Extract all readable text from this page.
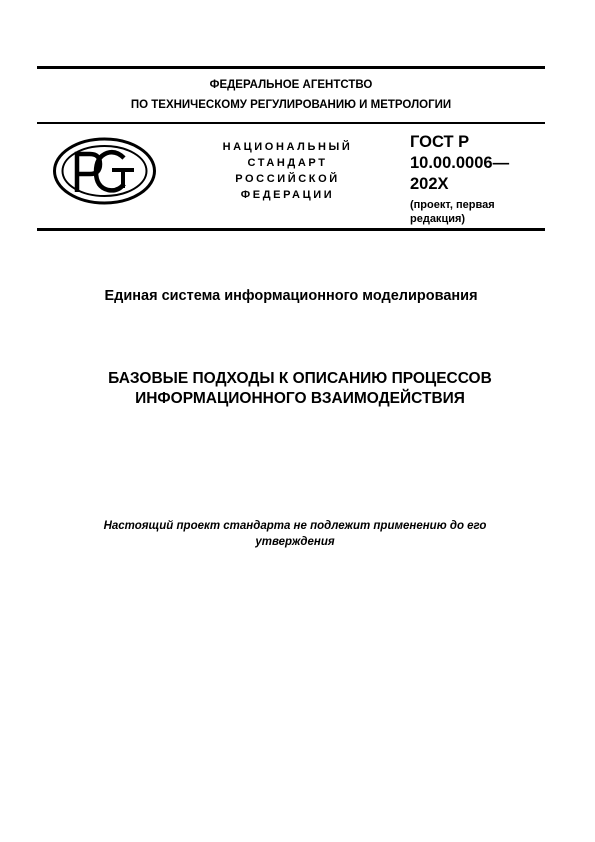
ФЕДЕРАЛЬНОЕ АГЕНТСТВО
ПО ТЕХНИЧЕСКОМУ РЕГУЛИРОВАНИЮ И МЕТРОЛОГИИ
НАЦИОНАЛЬНЫЙ
СТАНДАРТ
РОССИЙСКОЙ
ФЕДЕРАЦИИ
ГОСТ Р
10.00.0006—
202Х
(проект, первая
редакция)
Единая система информационного моделирования
БАЗОВЫЕ ПОДХОДЫ К ОПИСАНИЮ ПРОЦЕССОВ
ИНФОРМАЦИОННОГО ВЗАИМОДЕЙСТВИЯ
Настоящий проект стандарта не подлежит применению до его
утверждения
